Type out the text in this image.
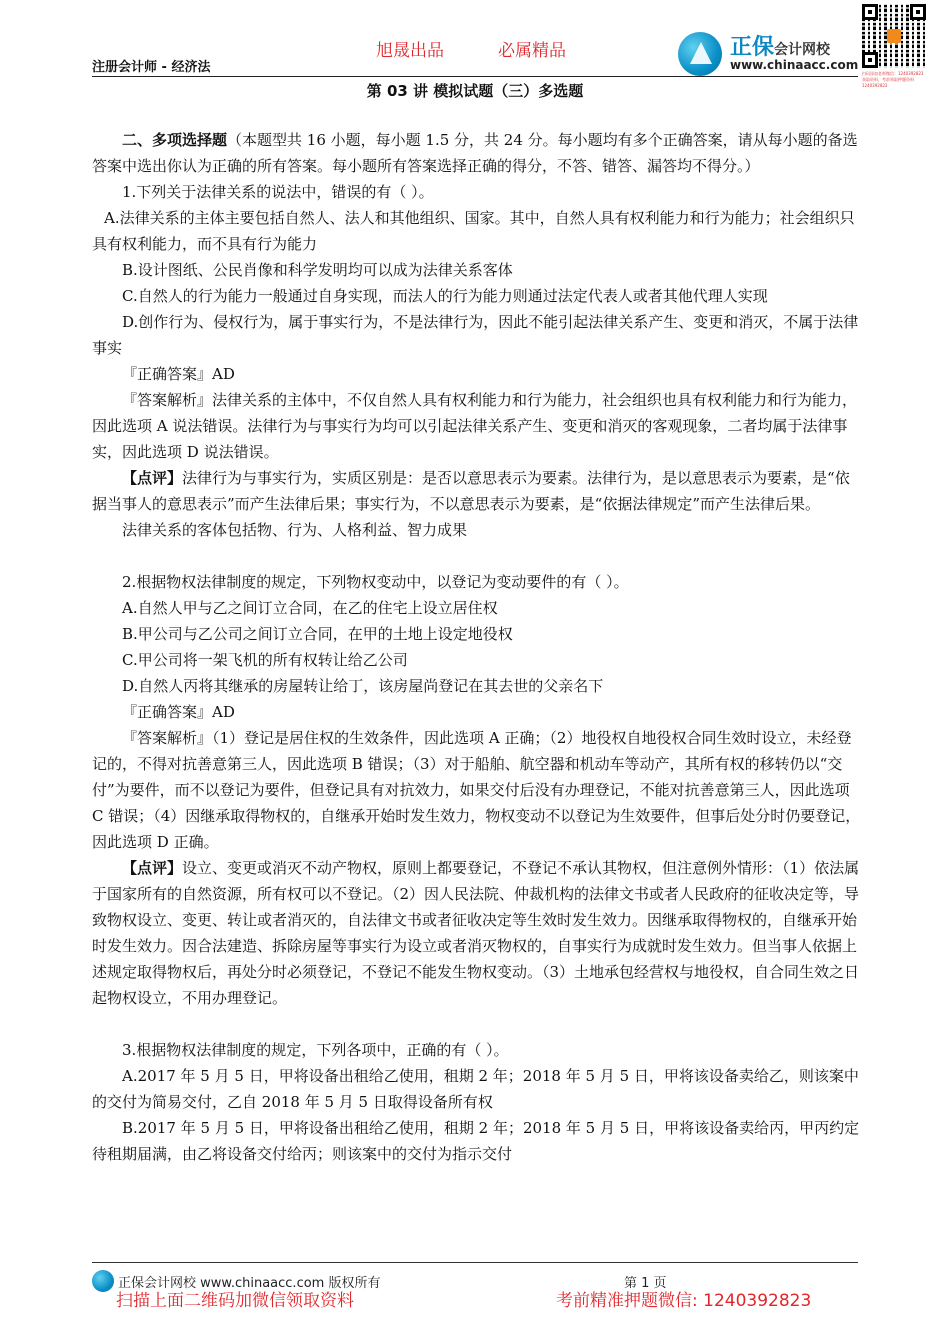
注册会计师 - 经济法
旭晟出品	必属精品	正保会计网校
www.chinaacc.com
扫码添加老师微信：1240392823 获取资料，考前领取押题资料 1240392823
第 03 讲 模拟试题（三）多选题

二、多项选择题（本题型共 16 小题，每小题 1.5 分，共 24 分。每小题均有多个正确答案，请从每小题的备选答案中选出你认为正确的所有答案。每小题所有答案选择正确的得分，不答、错答、漏答均不得分。）

1.下列关于法律关系的说法中，错误的有（ ）。

A.法律关系的主体主要包括自然人、法人和其他组织、国家。其中，自然人具有权利能力和行为能力；社会组织只具有权利能力，而不具有行为能力

B.设计图纸、公民肖像和科学发明均可以成为法律关系客体

C.自然人的行为能力一般通过自身实现，而法人的行为能力则通过法定代表人或者其他代理人实现

D.创作行为、侵权行为，属于事实行为，不是法律行为，因此不能引起法律关系产生、变更和消灭，不属于法律事实

『正确答案』AD

『答案解析』法律关系的主体中，不仅自然人具有权利能力和行为能力，社会组织也具有权利能力和行为能力，因此选项 A 说法错误。法律行为与事实行为均可以引起法律关系产生、变更和消灭的客观现象，二者均属于法律事实，因此选项 D 说法错误。

【点评】法律行为与事实行为，实质区别是：是否以意思表示为要素。法律行为，是以意思表示为要素，是“依据当事人的意思表示”而产生法律后果；事实行为，不以意思表示为要素，是“依据法律规定”而产生法律后果。

法律关系的客体包括物、行为、人格利益、智力成果

2.根据物权法律制度的规定，下列物权变动中，以登记为变动要件的有（ ）。

A.自然人甲与乙之间订立合同，在乙的住宅上设立居住权

B.甲公司与乙公司之间订立合同，在甲的土地上设定地役权

C.甲公司将一架飞机的所有权转让给乙公司

D.自然人丙将其继承的房屋转让给丁，该房屋尚登记在其去世的父亲名下

『正确答案』AD

『答案解析』（1）登记是居住权的生效条件，因此选项 A 正确；（2）地役权自地役权合同生效时设立，未经登记的，不得对抗善意第三人，因此选项 B 错误；（3）对于船舶、航空器和机动车等动产，其所有权的移转仍以“交付”为要件，而不以登记为要件，但登记具有对抗效力，如果交付后没有办理登记，不能对抗善意第三人，因此选项 C 错误；（4）因继承取得物权的，自继承开始时发生效力，物权变动不以登记为生效要件，但事后处分时仍要登记，因此选项 D 正确。

【点评】设立、变更或消灭不动产物权，原则上都要登记，不登记不承认其物权，但注意例外情形：（1）依法属于国家所有的自然资源，所有权可以不登记。（2）因人民法院、仲裁机构的法律文书或者人民政府的征收决定等，导致物权设立、变更、转让或者消灭的，自法律文书或者征收决定等生效时发生效力。因继承取得物权的，自继承开始时发生效力。因合法建造、拆除房屋等事实行为设立或者消灭物权的，自事实行为成就时发生效力。但当事人依据上述规定取得物权后，再处分时必须登记，不登记不能发生物权变动。（3）土地承包经营权与地役权，自合同生效之日起物权设立，不用办理登记。

3.根据物权法律制度的规定，下列各项中，正确的有（ ）。

A.2017 年 5 月 5 日，甲将设备出租给乙使用，租期 2 年；2018 年 5 月 5 日，甲将该设备卖给乙，则该案中的交付为简易交付，乙自 2018 年 5 月 5 日取得设备所有权

B.2017 年 5 月 5 日，甲将设备出租给乙使用，租期 2 年；2018 年 5 月 5 日，甲将该设备卖给丙，甲丙约定待租期届满，由乙将设备交付给丙；则该案中的交付为指示交付

正保会计网校 www.chinaacc.com 版权所有	第 1 页
扫描上面二维码加微信领取资料	考前精准押题微信: 1240392823
